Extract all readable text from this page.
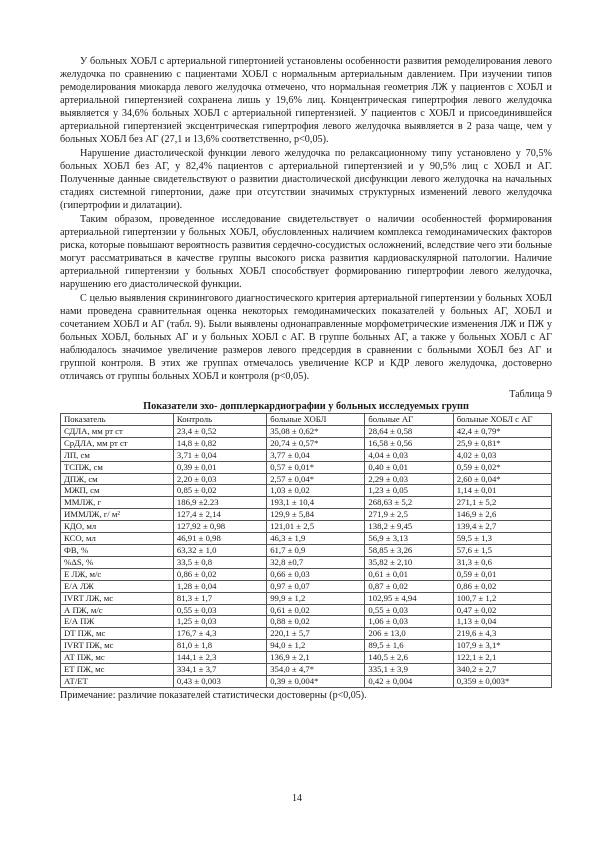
У больных ХОБЛ с артериальной гипертонией установлены особенности развития ремоделирования левого желудочка по сравнению с пациентами ХОБЛ с нормальным артериальным давлением. При изучении типов ремоделирования миокарда левого желудочка отмечено, что нормальная геометрия ЛЖ у пациентов с ХОБЛ и артериальной гипертензией сохранена лишь у 19,6% лиц. Концентрическая гипертрофия левого желудочка выявляется у 34,6% больных ХОБЛ с артериальной гипертензией. У пациентов с ХОБЛ и присоединившейся артериальной гипертензией эксцентрическая гипертрофия левого желудочка выявляется в 2 раза чаще, чем у больных ХОБЛ без АГ (27,1 и 13,6% соответственно, р<0,05).

Нарушение диастолической функции левого желудочка по релаксационному типу установлено у 70,5% больных ХОБЛ без АГ, у 82,4% пациентов с артериальной гипертензией и у 90,5% лиц с ХОБЛ и АГ. Полученные данные свидетельствуют о развитии диастолической дисфункции левого желудочка на начальных стадиях системной гипертонии, даже при отсутствии значимых структурных изменений левого желудочка (гипертрофии и дилатации).

Таким образом, проведенное исследование свидетельствует о наличии особенностей формирования артериальной гипертензии у больных ХОБЛ, обусловленных наличием комплекса гемодинамических факторов риска, которые повышают вероятность развития сердечно-сосудистых осложнений, вследствие чего эти больные могут рассматриваться в качестве группы высокого риска развития кардиоваскулярной патологии. Наличие артериальной гипертензии у больных ХОБЛ способствует формированию гипертрофии левого желудочка, нарушению его диастолической функции.

С целью выявления скринингового диагностического критерия артериальной гипертензии у больных ХОБЛ нами проведена сравнительная оценка некоторых гемодинамических показателей у больных АГ, ХОБЛ и сочетанием ХОБЛ и АГ (табл. 9). Были выявлены однонаправленные морфометрические изменения ЛЖ и ПЖ у больных ХОБЛ, больных АГ и у больных ХОБЛ с АГ. В группе больных АГ, а также у больных ХОБЛ с АГ наблюдалось значимое увеличение размеров левого предсердия в сравнении с больными ХОБЛ без АГ и группой контроля. В этих же группах отмечалось увеличение КСР и КДР левого желудочка, достоверно отличаясь от группы больных ХОБЛ и контроля (р<0,05).

Таблица 9
Показатели эхо- допплеркардиографии у больных исследуемых групп
Показатель	Контроль	больные ХОБЛ	больные АГ	больные ХОБЛ с АГ
СДЛА, мм рт ст	23,4 ± 0,52	35,08 ± 0,62*	28,64 ± 0,58	42,4 ± 0,79*
СрДЛА, мм рт ст	14,8 ± 0,82	20,74 ± 0,57*	16,58 ± 0,56	25,9 ± 0,81*
ЛП, см	3,71 ± 0,04	3,77 ± 0,04	4,04 ± 0,03	4,02 ± 0,03
ТСПЖ, см	0,39 ± 0,01	0,57 ± 0,01*	0,40 ± 0,01	0,59 ± 0,02*
ДПЖ, см	2,20 ± 0,03	2,57 ± 0,04*	2,29 ± 0,03	2,60 ± 0,04*
МЖП, см	0,85 ± 0,02	1,03 ± 0,02	1,23 ± 0,05	1,14 ± 0,01
ММЛЖ, г	186,9 ±2.23	193,1 ± 10,4	268,63 ± 5,2	271,1 ± 5,2
ИММЛЖ, г/ м²	127,4 ± 2,14	129,9 ± 5,84	271,9 ± 2,5	146,9 ± 2,6
КДО, мл	127,92 ± 0,98	121,01 ± 2,5	138,2 ± 9,45	139,4 ± 2,7
КСО, мл	46,91 ± 0,98	46,3 ± 1,9	56,9 ± 3,13	59,5 ± 1,3
ФВ, %	63,32 ± 1,0	61,7 ± 0,9	58,85 ± 3,26	57,6 ± 1,5
%ΔS, %	33,5 ± 0,8	32,8 ±0,7	35,82 ± 2,10	31,3 ± 0,6
Е ЛЖ, м/с	0,86 ± 0,02	0,66 ± 0,03	0,61 ± 0,01	0,59 ± 0,01
Е/А ЛЖ	1,28 ± 0,04	0,97 ± 0,07	0,87 ± 0,02	0,86 ± 0,02
IVRT ЛЖ, мс	81,3 ± 1,7	99,9 ± 1,2	102,95 ± 4,94	100,7 ± 1,2
А ПЖ, м/с	0,55 ± 0,03	0,61 ± 0,02	0,55 ± 0,03	0,47 ± 0,02
Е/А ПЖ	1,25 ± 0,03	0,88 ± 0,02	1,06 ± 0,03	1,13 ± 0,04
DT ПЖ, мс	176,7 ± 4,3	220,1 ± 5,7	206 ± 13,0	219,6 ± 4,3
IVRT ПЖ, мс	81,0 ± 1,8	94,0 ± 1,2	89,5 ± 1,6	107,9 ± 3,1*
АТ ПЖ, мс	144,1 ± 2,3	136,9 ± 2,1	140,5 ± 2,6	122,1 ± 2,1
ЕТ ПЖ, мс	334,1 ± 3,7	354,0 ± 4,7*	335,1 ± 3,9	340,2 ± 2,7
АТ/ЕТ	0,43 ± 0,003	0,39 ± 0,004*	0,42 ± 0,004	0,359 ± 0,003*
Примечание: различие показателей статистически достоверны (р<0,05).
14
